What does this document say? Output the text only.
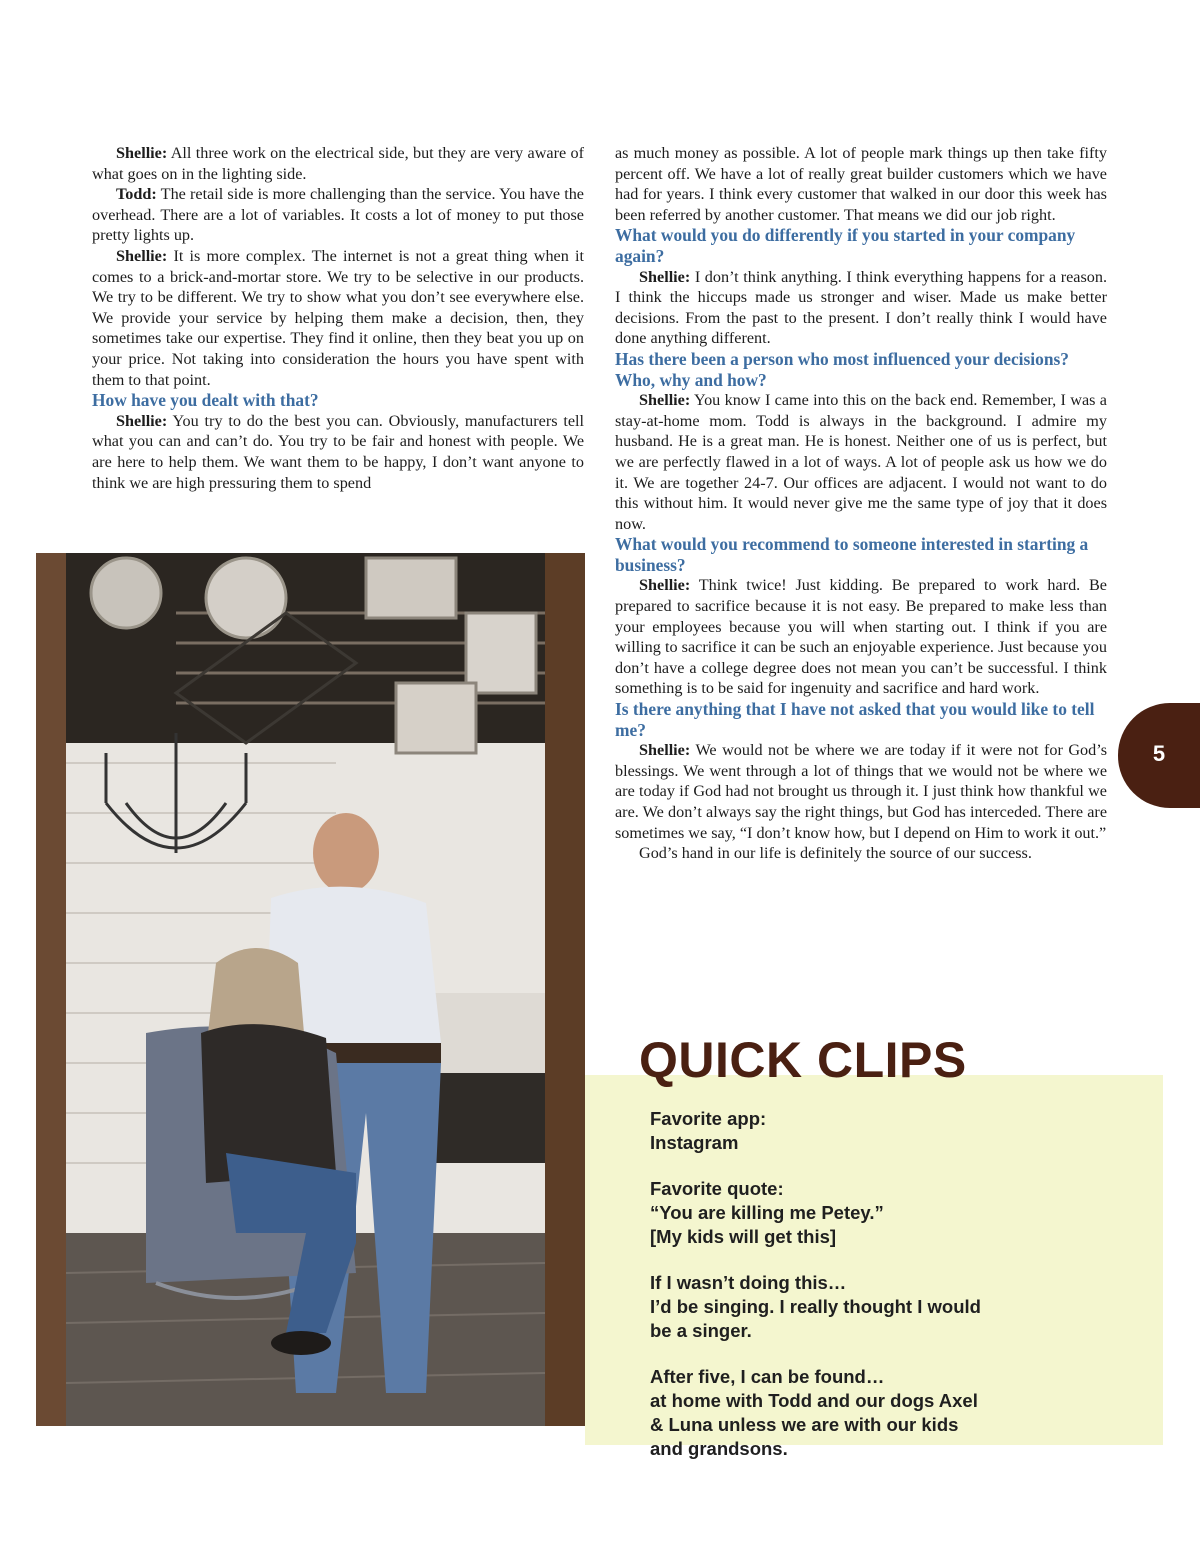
Shellie: All three work on the electrical side, but they are very aware of what goes on in the lighting side.

Todd: The retail side is more challenging than the service. You have the overhead. There are a lot of variables. It costs a lot of money to put those pretty lights up.

Shellie: It is more complex. The internet is not a great thing when it comes to a brick-and-mortar store. We try to be selective in our products. We try to be different. We try to show what you don’t see everywhere else. We provide your service by helping them make a decision, then, they sometimes take our expertise. They find it online, then they beat you up on your price. Not taking into consideration the hours you have spent with them to that point.

How have you dealt with that?

Shellie: You try to do the best you can. Obviously, manufacturers tell what you can and can’t do. You try to be fair and honest with people. We are here to help them. We want them to be happy, I don’t want anyone to think we are high pressuring them to spend

as much money as possible. A lot of people mark things up then take fifty percent off. We have a lot of really great builder customers which we have had for years. I think every customer that walked in our door this week has been referred by another customer. That means we did our job right.

What would you do differently if you started in your company again?

Shellie: I don’t think anything. I think everything happens for a reason. I think the hiccups made us stronger and wiser. Made us make better decisions. From the past to the present. I don’t really think I would have done anything different.

Has there been a person who most influenced your decisions? Who, why and how?

Shellie: You know I came into this on the back end. Remember, I was a stay-at-home mom. Todd is always in the background. I admire my husband. He is a great man. He is honest. Neither one of us is perfect, but we are perfectly flawed in a lot of ways. A lot of people ask us how we do it. We are together 24-7. Our offices are adjacent. I would not want to do this without him. It would never give me the same type of joy that it does now.

What would you recommend to someone interested in starting a business?

Shellie: Think twice! Just kidding. Be prepared to work hard. Be prepared to sacrifice because it is not easy. Be prepared to make less than your employees because you will when starting out. I think if you are willing to sacrifice it can be such an enjoyable experience. Just because you don’t have a college degree does not mean you can’t be successful. I think something is to be said for ingenuity and sacrifice and hard work.

Is there anything that I have not asked that you would like to tell me?

Shellie: We would not be where we are today if it were not for God’s blessings. We went through a lot of things that we would not be where we are today if God had not brought us through it. I just think how thankful we are. We don’t always say the right things, but God has interceded. There are sometimes we say, “I don’t know how, but I depend on Him to work it out.”

God’s hand in our life is definitely the source of our success.

5
QUICK CLIPS
Favorite app:
Instagram
Favorite quote:
“You are killing me Petey.”
[My kids will get this]
If I wasn’t doing this…
I’d be singing. I really thought I would
be a singer.
After five, I can be found…
at home with Todd and our dogs Axel
& Luna unless we are with our kids
and grandsons.
